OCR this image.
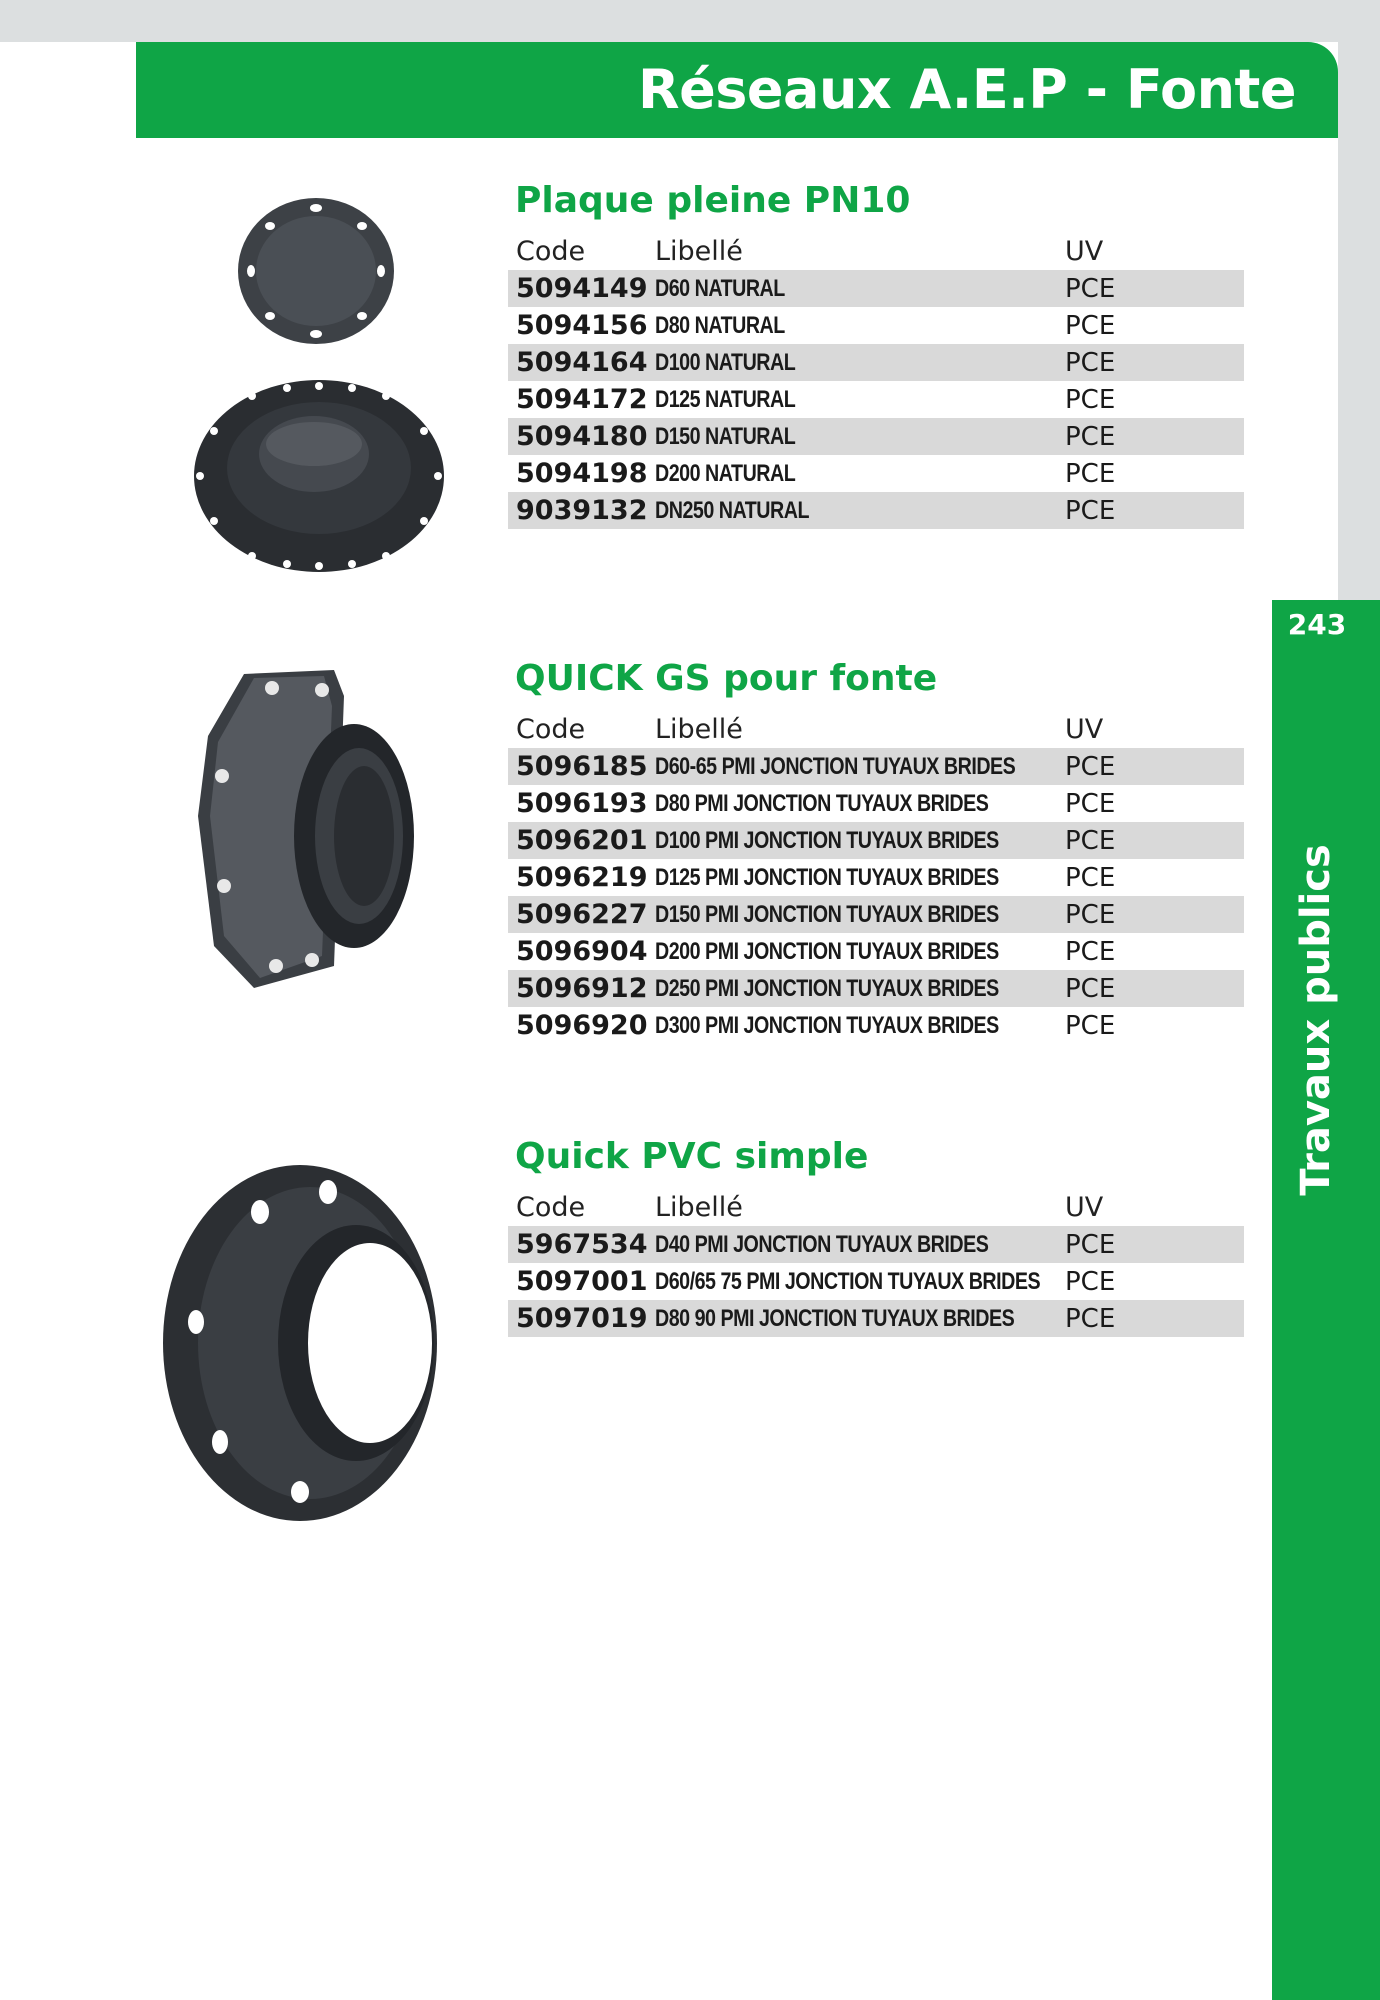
Réseaux A.E.P - Fonte
243
Travaux publics
Plaque pleine PN10
Code	Libellé	UV
5094149	D60 NATURAL	PCE
5094156	D80 NATURAL	PCE
5094164	D100 NATURAL	PCE
5094172	D125 NATURAL	PCE
5094180	D150 NATURAL	PCE
5094198	D200 NATURAL	PCE
9039132	DN250 NATURAL	PCE
QUICK GS pour fonte
Code	Libellé	UV
5096185	D60-65 PMI JONCTION TUYAUX BRIDES	PCE
5096193	D80 PMI JONCTION TUYAUX BRIDES	PCE
5096201	D100 PMI JONCTION TUYAUX BRIDES	PCE
5096219	D125 PMI JONCTION TUYAUX BRIDES	PCE
5096227	D150 PMI JONCTION TUYAUX BRIDES	PCE
5096904	D200 PMI JONCTION TUYAUX BRIDES	PCE
5096912	D250 PMI JONCTION TUYAUX BRIDES	PCE
5096920	D300 PMI JONCTION TUYAUX BRIDES	PCE
Quick PVC simple
Code	Libellé	UV
5967534	D40 PMI JONCTION TUYAUX BRIDES	PCE
5097001	D60/65 75 PMI JONCTION TUYAUX BRIDES	PCE
5097019	D80 90 PMI JONCTION TUYAUX BRIDES	PCE
